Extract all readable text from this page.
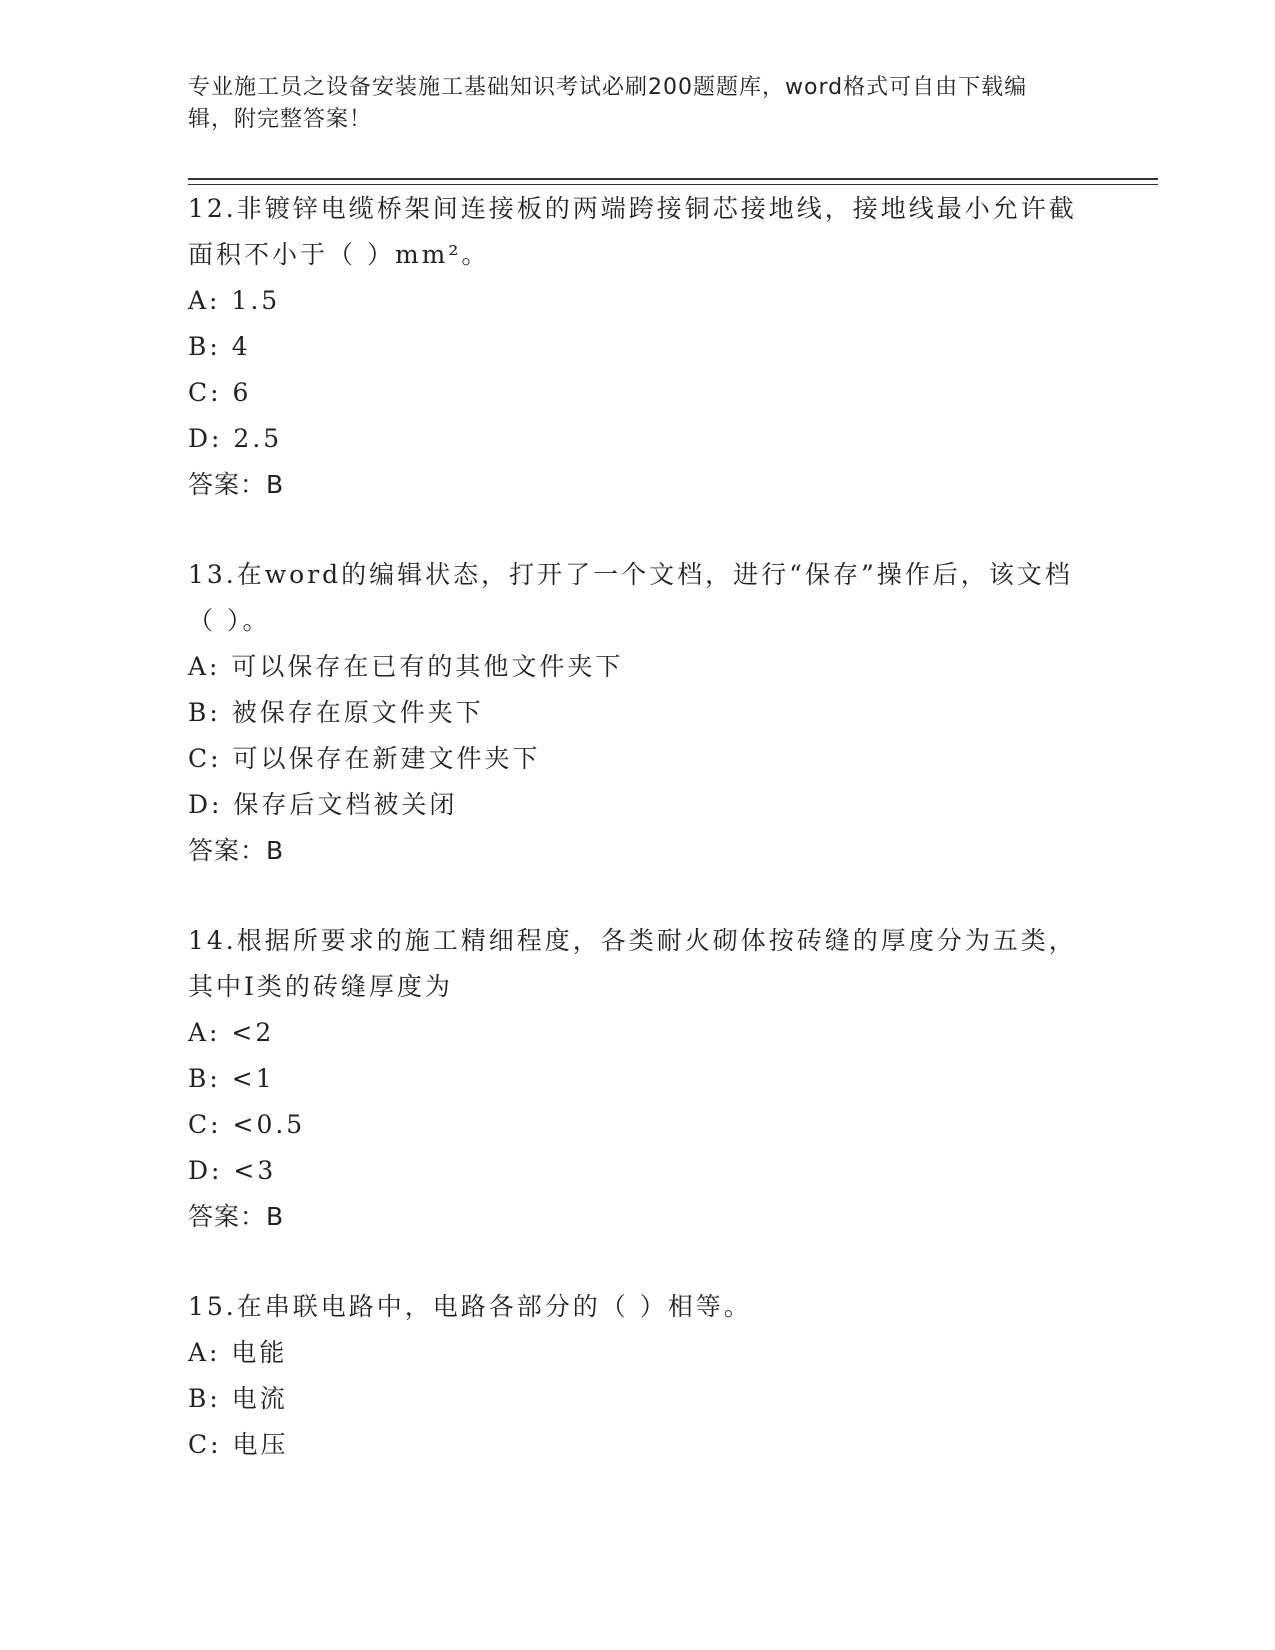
专业施工员之设备安装施工基础知识考试必刷200题题库，word格式可自由下载编辑，附完整答案！
12.非镀锌电缆桥架间连接板的两端跨接铜芯接地线，接地线最小允许截面积不小于（ ）mm²。
A: 1.5
B: 4
C: 6
D: 2.5
答案：B
13.在word的编辑状态，打开了一个文档，进行“保存”操作后，该文档（ ）。
A: 可以保存在已有的其他文件夹下
B: 被保存在原文件夹下
C: 可以保存在新建文件夹下
D: 保存后文档被关闭
答案：B
14.根据所要求的施工精细程度，各类耐火砌体按砖缝的厚度分为五类，其中I类的砖缝厚度为
A: <2
B: <1
C: <0.5
D: <3
答案：B
15.在串联电路中，电路各部分的（ ）相等。
A: 电能
B: 电流
C: 电压
